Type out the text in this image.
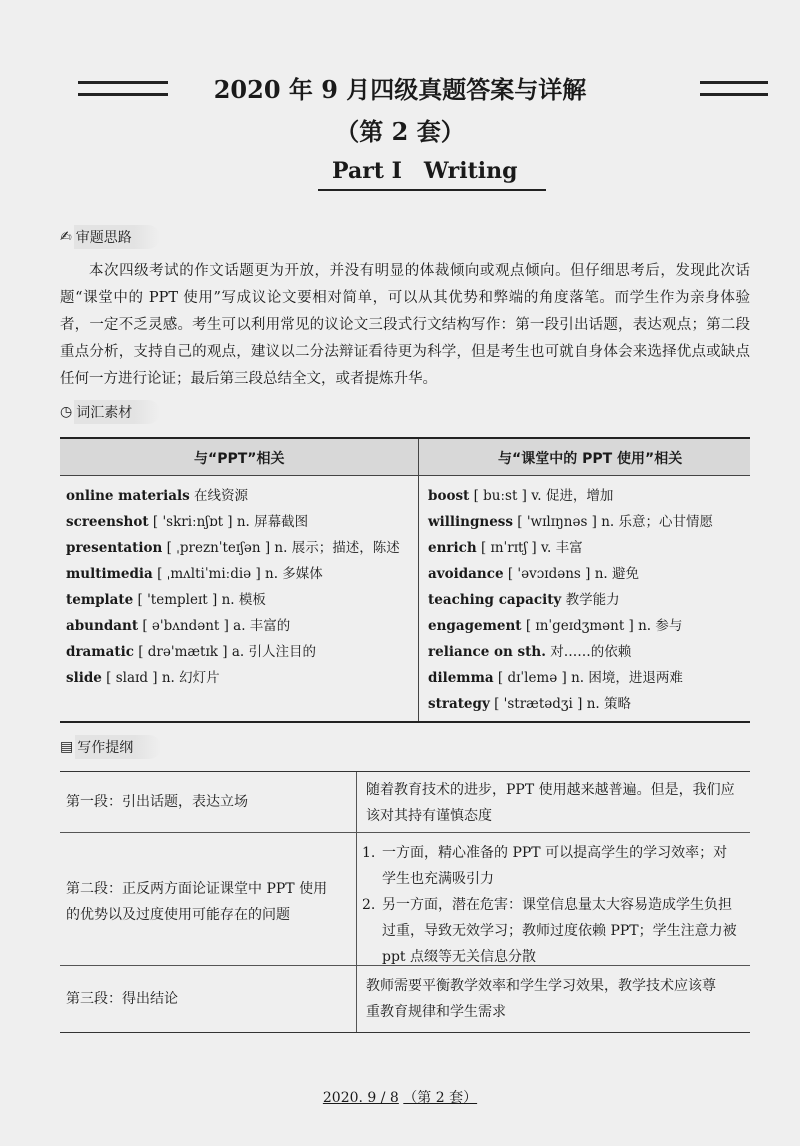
2020 年 9 月四级真题答案与详解
（第 2 套）
Part I Writing
✍ 审题思路

本次四级考试的作文话题更为开放，并没有明显的体裁倾向或观点倾向。但仔细思考后，发现此次话题“课堂中的 PPT 使用”写成议论文要相对简单，可以从其优势和弊端的角度落笔。而学生作为亲身体验者，一定不乏灵感。考生可以利用常见的议论文三段式行文结构写作：第一段引出话题，表达观点；第二段重点分析，支持自己的观点，建议以二分法辩证看待更为科学，但是考生也可就自身体会来选择优点或缺点任何一方进行论证；最后第三段总结全文，或者提炼升华。

◷ 词汇素材
与“PPT”相关	与“课堂中的 PPT 使用”相关
online materials 在线资源
screenshot [ 'skriːnʃɒt ] n. 屏幕截图
presentation [ ˌpreznˈteɪʃən ] n. 展示；描述，陈述
multimedia [ ˌmʌltiˈmiːdiə ] n. 多媒体
template [ 'templeɪt ] n. 模板
abundant [ ə'bʌndənt ] a. 丰富的
dramatic [ drə'mætɪk ] a. 引人注目的
slide [ slaɪd ] n. 幻灯片
boost [ buːst ] v. 促进，增加
willingness [ 'wɪlɪŋnəs ] n. 乐意；心甘情愿
enrich [ ɪnˈrɪtʃ ] v. 丰富
avoidance [ 'əvɔɪdəns ] n. 避免
teaching capacity 教学能力
engagement [ ɪnˈgeɪdʒmənt ] n. 参与
reliance on sth. 对……的依赖
dilemma [ dɪˈlemə ] n. 困境，进退两难
strategy [ 'strætədʒi ] n. 策略
▤ 写作提纲
第一段：引出话题，表达立场
随着教育技术的进步，PPT 使用越来越普遍。但是，我们应
该对其持有谨慎态度
第二段：正反两方面论证课堂中 PPT 使用
的优势以及过度使用可能存在的问题
1. 一方面，精心准备的 PPT 可以提高学生的学习效率；对
学生也充满吸引力
2. 另一方面，潜在危害：课堂信息量太大容易造成学生负担
过重，导致无效学习；教师过度依赖 PPT；学生注意力被
ppt 点缀等无关信息分散
第三段：得出结论
教师需要平衡教学效率和学生学习效果，教学技术应该尊
重教育规律和学生需求
2020. 9 / 8 （第 2 套）
